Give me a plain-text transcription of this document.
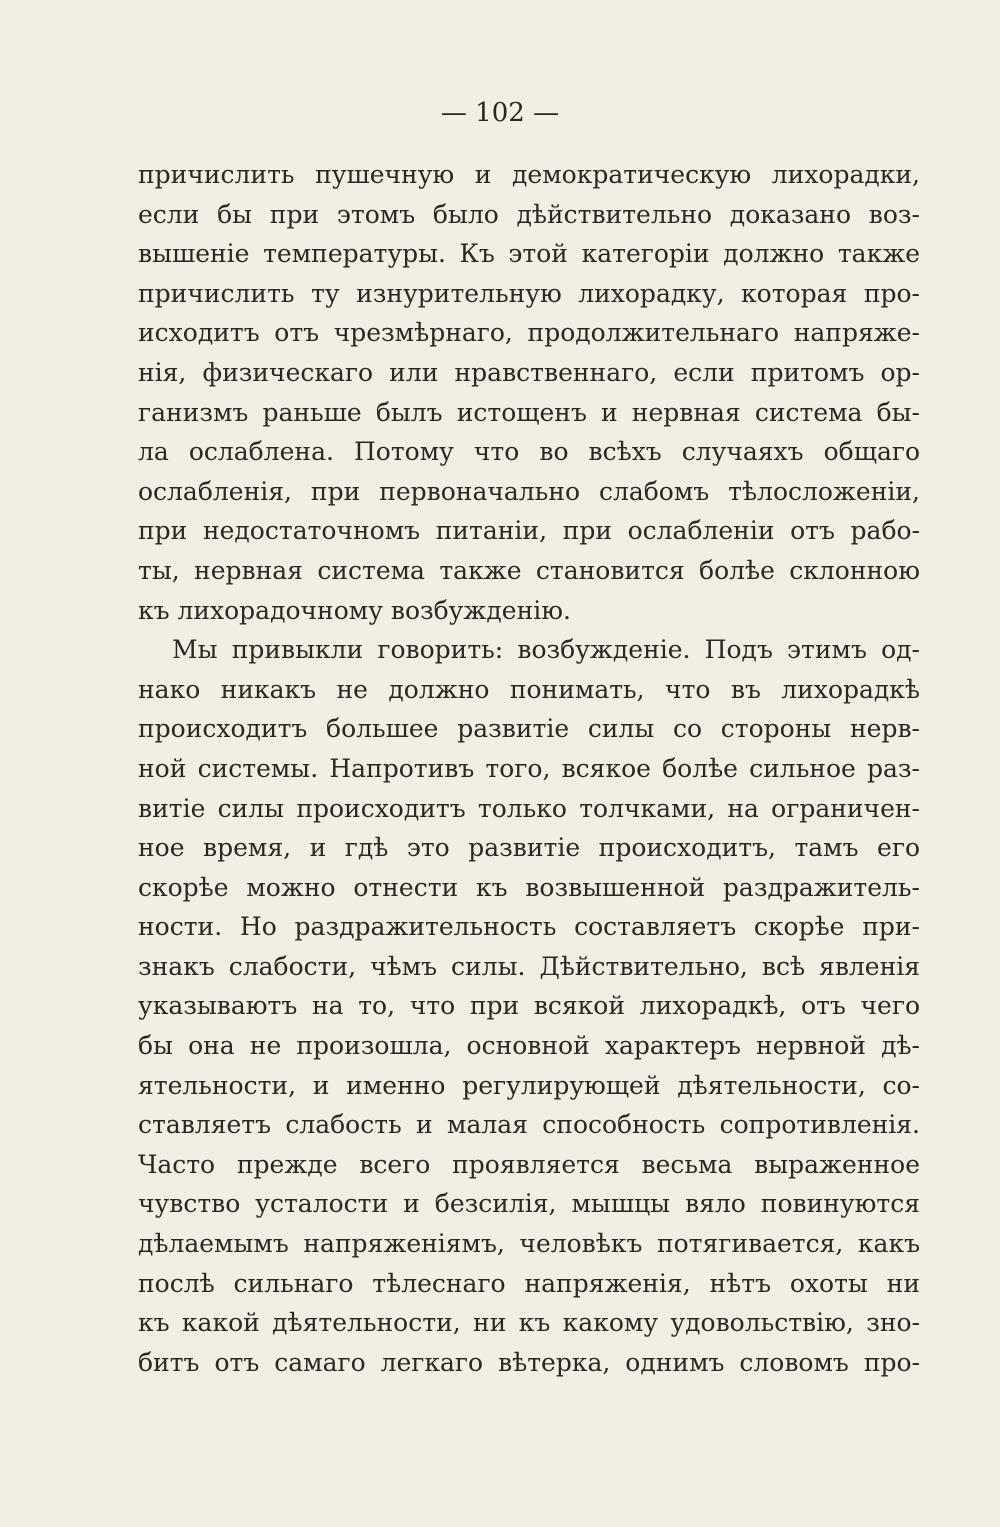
— 102 —
причислить пушечную и демократическую лихорадки,
если бы при этомъ было дѣйствительно доказано воз-
вышеніе температуры. Къ этой категоріи должно также
причислить ту изнурительную лихорадку, которая про-
исходитъ отъ чрезмѣрнаго, продолжительнаго напряже-
нія, физическаго или нравственнаго, если притомъ ор-
ганизмъ раньше былъ истощенъ и нервная система бы-
ла ослаблена. Потому что во всѣхъ случаяхъ общаго
ослабленія, при первоначально слабомъ тѣлосложеніи,
при недостаточномъ питаніи, при ослабленіи отъ рабо-
ты, нервная система также становится болѣе склонною
къ лихорадочному возбужденію.
Мы привыкли говорить: возбужденіе. Подъ этимъ од-
нако никакъ не должно понимать, что въ лихорадкѣ
происходитъ большее развитіе силы со стороны нерв-
ной системы. Напротивъ того, всякое болѣе сильное раз-
витіе силы происходитъ только толчками, на ограничен-
ное время, и гдѣ это развитіе происходитъ, тамъ его
скорѣе можно отнести къ возвышенной раздражитель-
ности. Но раздражительность составляетъ скорѣе при-
знакъ слабости, чѣмъ силы. Дѣйствительно, всѣ явленія
указываютъ на то, что при всякой лихорадкѣ, отъ чего
бы она не произошла, основной характеръ нервной дѣ-
ятельности, и именно регулирующей дѣятельности, со-
ставляетъ слабость и малая способность сопротивленія.
Часто прежде всего проявляется весьма выраженное
чувство усталости и безсилія, мышцы вяло повинуются
дѣлаемымъ напряженіямъ, человѣкъ потягивается, какъ
послѣ сильнаго тѣлеснаго напряженія, нѣтъ охоты ни
къ какой дѣятельности, ни къ какому удовольствію, зно-
битъ отъ самаго легкаго вѣтерка, однимъ словомъ про-
